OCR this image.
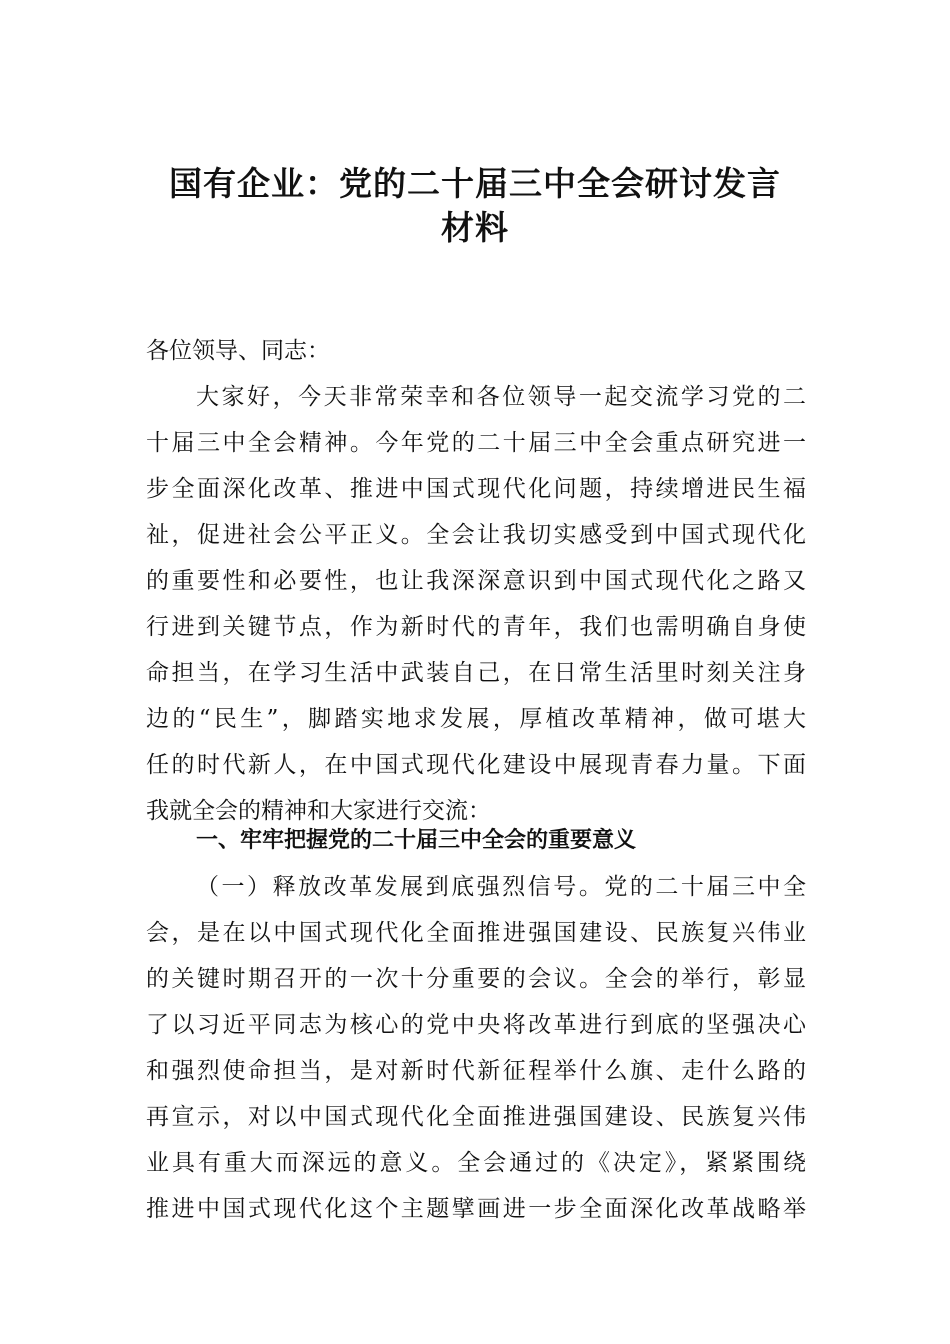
国有企业：党的二十届三中全会研讨发言
材料
各位领导、同志：
大家好，今天非常荣幸和各位领导一起交流学习党的二
十届三中全会精神。今年党的二十届三中全会重点研究进一
步全面深化改革、推进中国式现代化问题，持续增进民生福
祉，促进社会公平正义。全会让我切实感受到中国式现代化
的重要性和必要性，也让我深深意识到中国式现代化之路又
行进到关键节点，作为新时代的青年，我们也需明确自身使
命担当，在学习生活中武装自己，在日常生活里时刻关注身
边的“民生”，脚踏实地求发展，厚植改革精神，做可堪大
任的时代新人，在中国式现代化建设中展现青春力量。下面
我就全会的精神和大家进行交流：
一、牢牢把握党的二十届三中全会的重要意义
（一）释放改革发展到底强烈信号。党的二十届三中全
会，是在以中国式现代化全面推进强国建设、民族复兴伟业
的关键时期召开的一次十分重要的会议。全会的举行，彰显
了以习近平同志为核心的党中央将改革进行到底的坚强决心
和强烈使命担当，是对新时代新征程举什么旗、走什么路的
再宣示，对以中国式现代化全面推进强国建设、民族复兴伟
业具有重大而深远的意义。全会通过的《决定》，紧紧围绕
推进中国式现代化这个主题擘画进一步全面深化改革战略举
